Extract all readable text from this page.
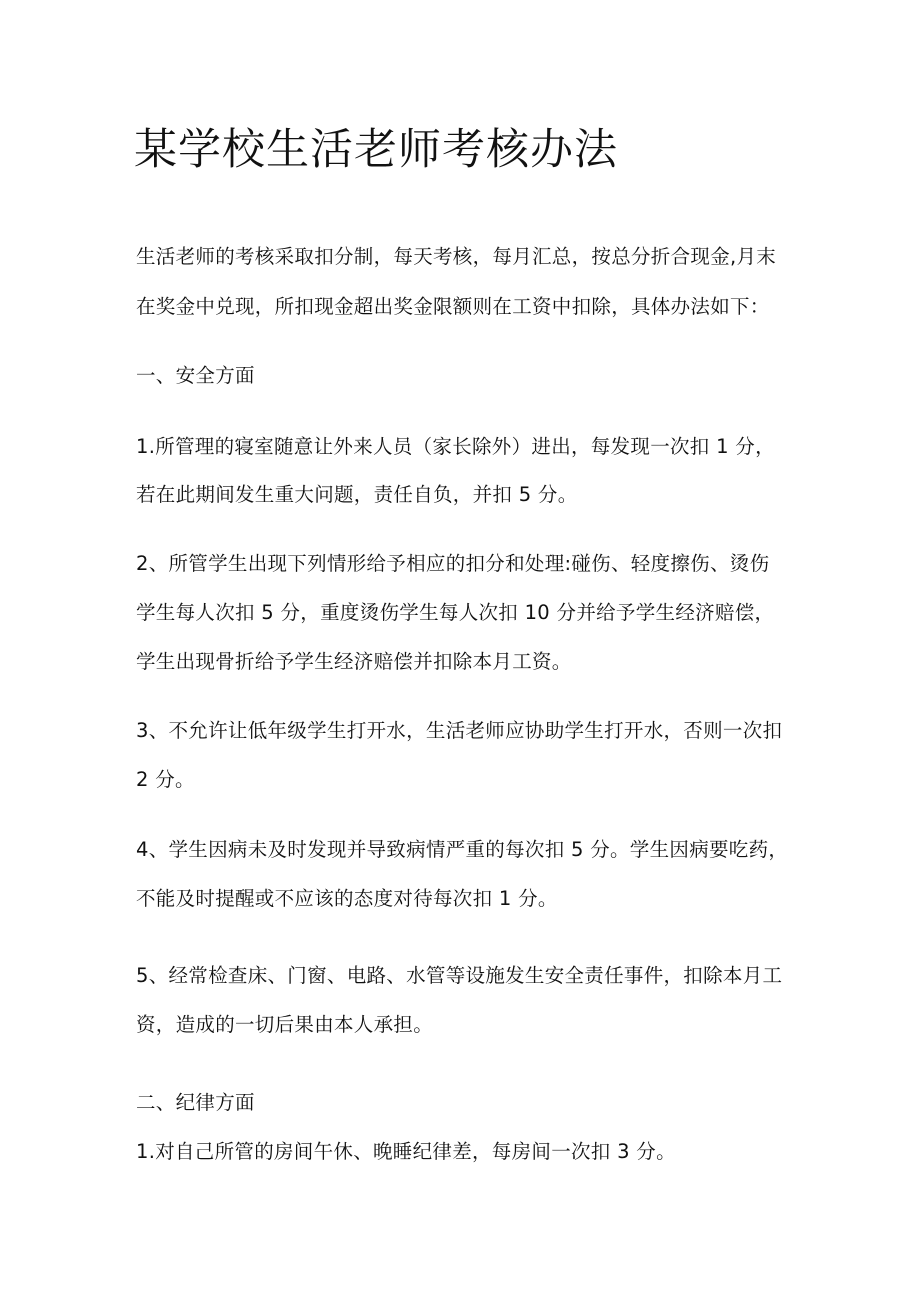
某学校生活老师考核办法
生活老师的考核采取扣分制，每天考核，每月汇总，按总分折合现金,月末
在奖金中兑现，所扣现金超出奖金限额则在工资中扣除，具体办法如下：
一、安全方面
1.所管理的寝室随意让外来人员（家长除外）进出，每发现一次扣 1 分，
若在此期间发生重大问题，责任自负，并扣 5 分。
2、所管学生出现下列情形给予相应的扣分和处理:碰伤、轻度擦伤、烫伤
学生每人次扣 5 分，重度烫伤学生每人次扣 10 分并给予学生经济赔偿，
学生出现骨折给予学生经济赔偿并扣除本月工资。
3、不允许让低年级学生打开水，生活老师应协助学生打开水，否则一次扣
2 分。
4、学生因病未及时发现并导致病情严重的每次扣 5 分。学生因病要吃药，
不能及时提醒或不应该的态度对待每次扣 1 分。
5、经常检查床、门窗、电路、水管等设施发生安全责任事件，扣除本月工
资，造成的一切后果由本人承担。
二、纪律方面
1.对自己所管的房间午休、晚睡纪律差，每房间一次扣 3 分。
